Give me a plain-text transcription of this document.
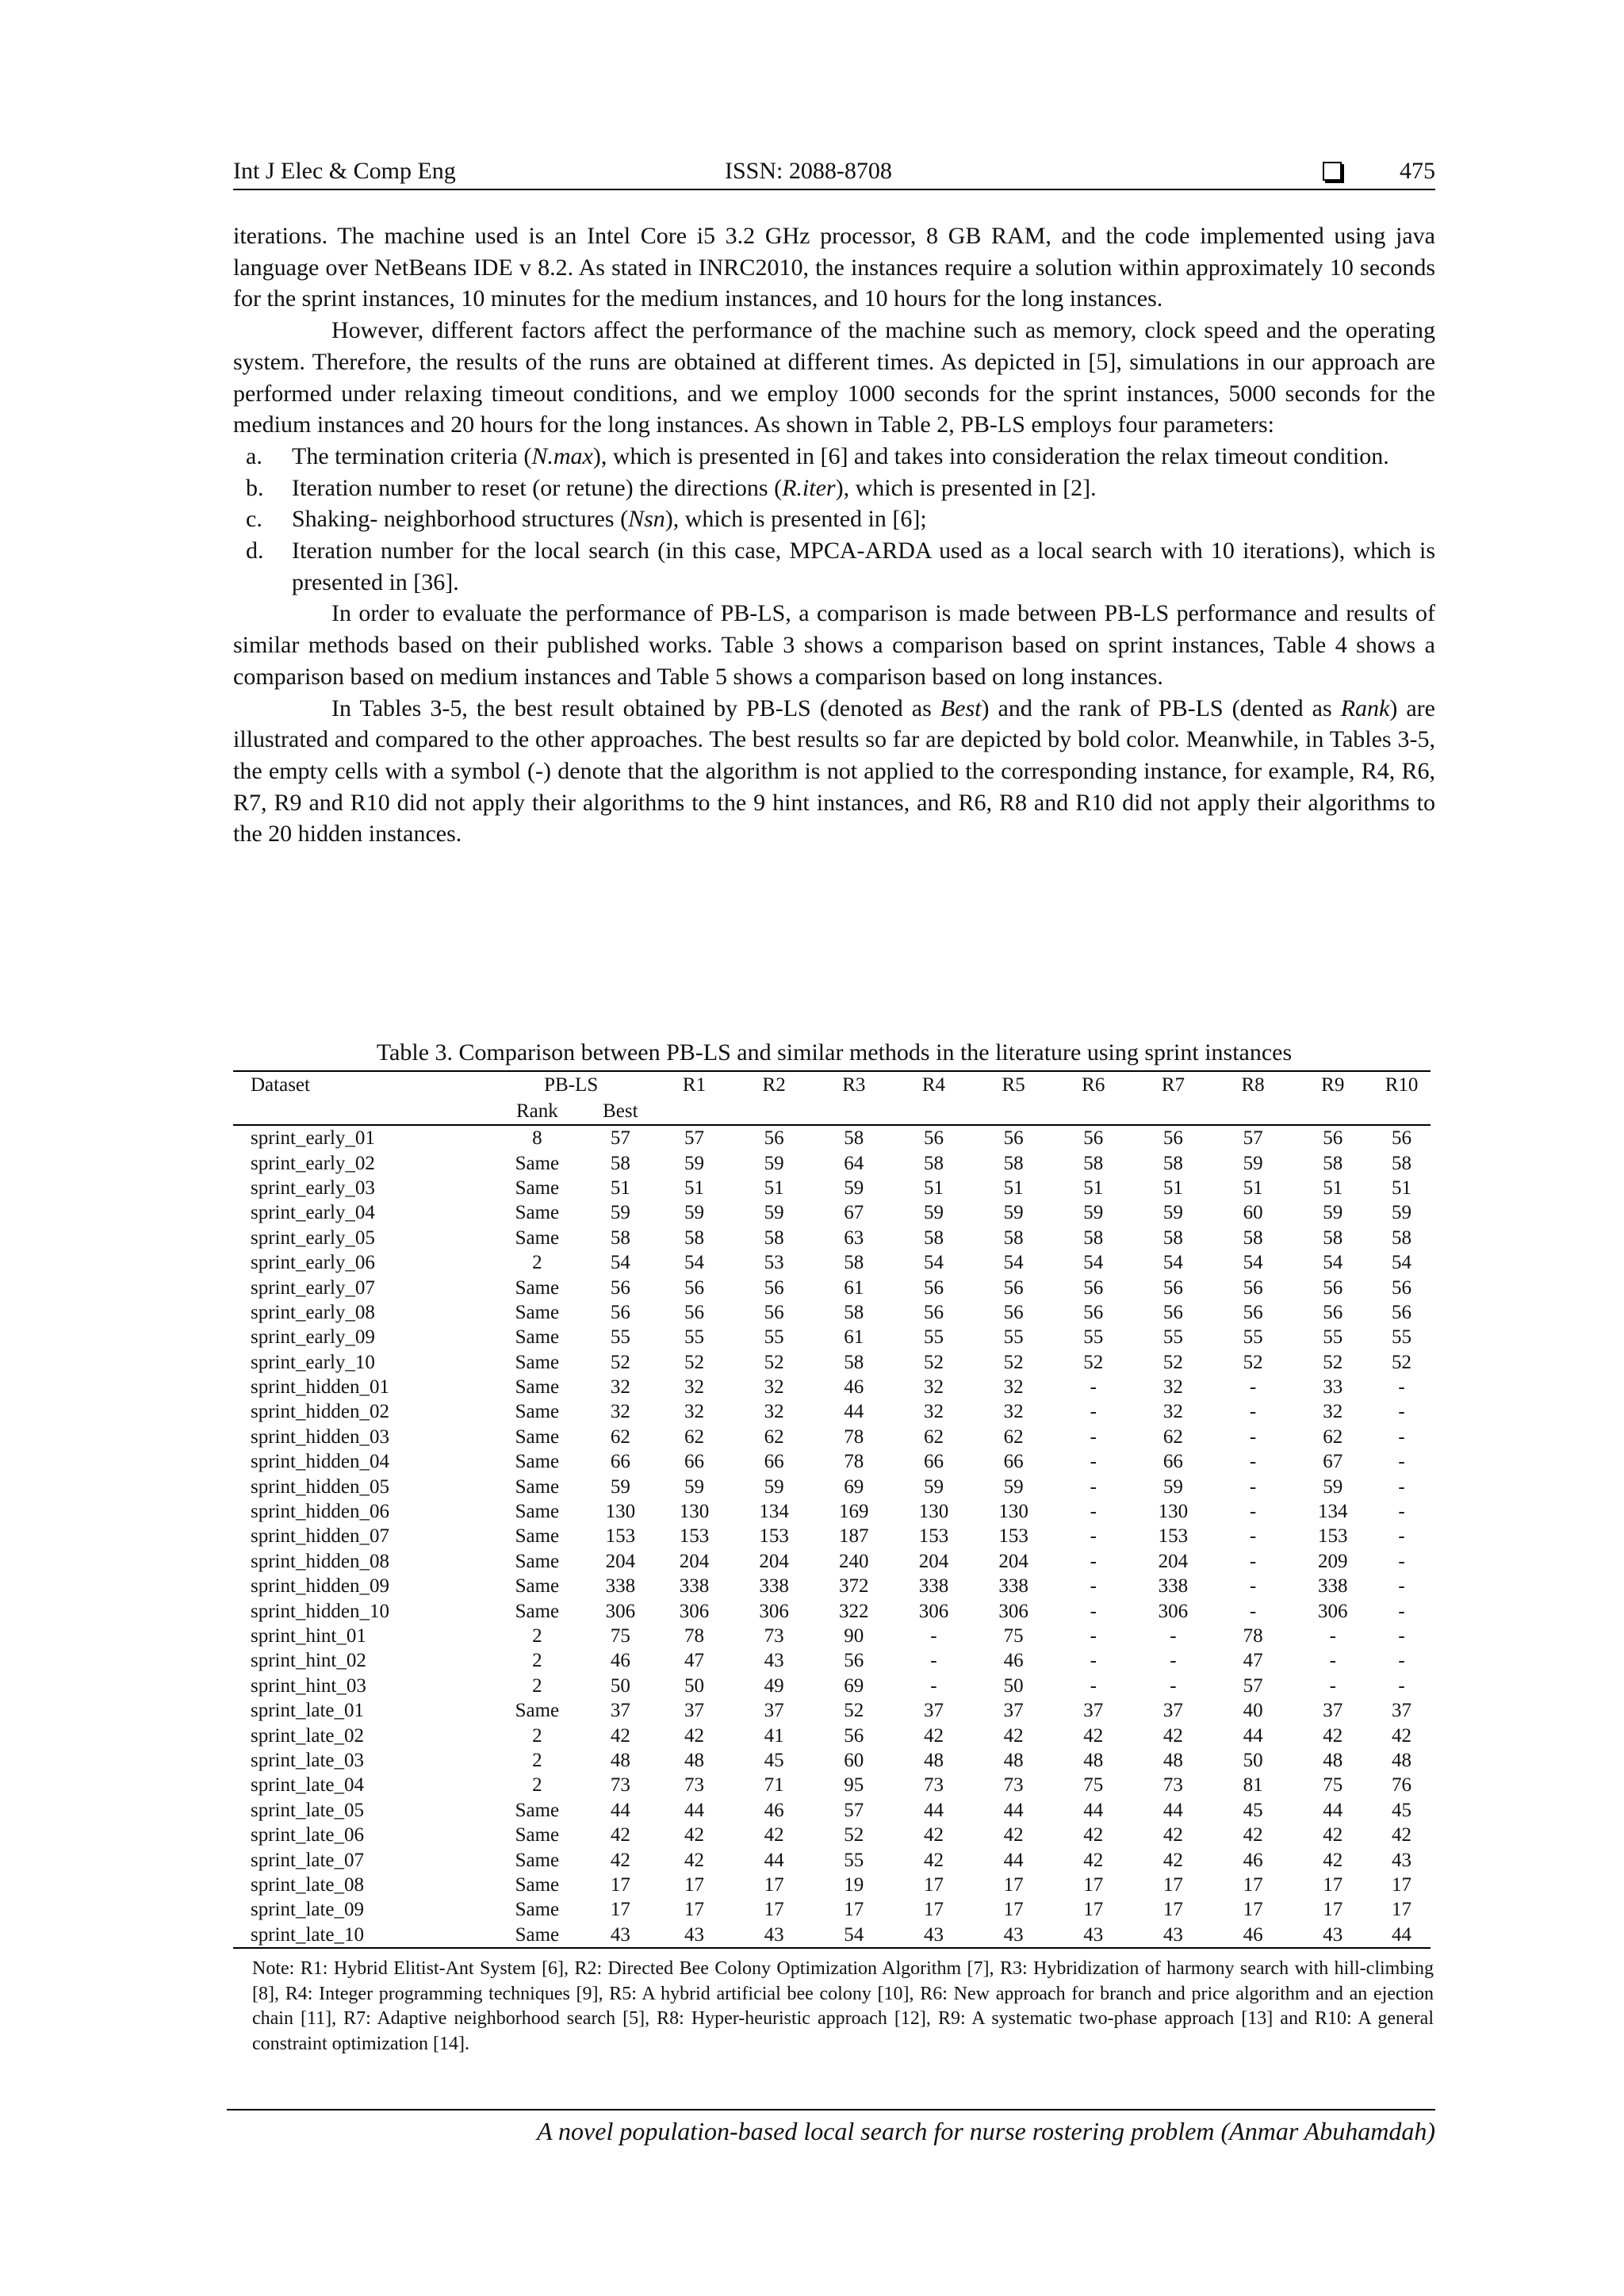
Int J Elec & Comp Eng	ISSN: 2088-8708	475

iterations. The machine used is an Intel Core i5 3.2 GHz processor, 8 GB RAM, and the code implemented using java language over NetBeans IDE v 8.2. As stated in INRC2010, the instances require a solution within approximately 10 seconds for the sprint instances, 10 minutes for the medium instances, and 10 hours for the long instances.

However, different factors affect the performance of the machine such as memory, clock speed and the operating system. Therefore, the results of the runs are obtained at different times. As depicted in [5], simulations in our approach are performed under relaxing timeout conditions, and we employ 1000 seconds for the sprint instances, 5000 seconds for the medium instances and 20 hours for the long instances. As shown in Table 2, PB-LS employs four parameters:

a. The termination criteria (N.max), which is presented in [6] and takes into consideration the relax timeout condition.

b. Iteration number to reset (or retune) the directions (R.iter), which is presented in [2].

c. Shaking- neighborhood structures (Nsn), which is presented in [6];

d. Iteration number for the local search (in this case, MPCA-ARDA used as a local search with 10 iterations), which is presented in [36].

In order to evaluate the performance of PB-LS, a comparison is made between PB-LS performance and results of similar methods based on their published works. Table 3 shows a comparison based on sprint instances, Table 4 shows a comparison based on medium instances and Table 5 shows a comparison based on long instances.

In Tables 3-5, the best result obtained by PB-LS (denoted as Best) and the rank of PB-LS (dented as Rank) are illustrated and compared to the other approaches. The best results so far are depicted by bold color. Meanwhile, in Tables 3-5, the empty cells with a symbol (-) denote that the algorithm is not applied to the corresponding instance, for example, R4, R6, R7, R9 and R10 did not apply their algorithms to the 9 hint instances, and R6, R8 and R10 did not apply their algorithms to the 20 hidden instances.

Table 3. Comparison between PB-LS and similar methods in the literature using sprint instances
Dataset	PB-LS		R1	R2	R3	R4	R5	R6	R7	R8	R9	R10
	Rank	Best										
sprint_early_01	8	57	57	56	58	56	56	56	56	57	56	56
sprint_early_02	Same	58	59	59	64	58	58	58	58	59	58	58
sprint_early_03	Same	51	51	51	59	51	51	51	51	51	51	51
sprint_early_04	Same	59	59	59	67	59	59	59	59	60	59	59
sprint_early_05	Same	58	58	58	63	58	58	58	58	58	58	58
sprint_early_06	2	54	54	53	58	54	54	54	54	54	54	54
sprint_early_07	Same	56	56	56	61	56	56	56	56	56	56	56
sprint_early_08	Same	56	56	56	58	56	56	56	56	56	56	56
sprint_early_09	Same	55	55	55	61	55	55	55	55	55	55	55
sprint_early_10	Same	52	52	52	58	52	52	52	52	52	52	52
sprint_hidden_01	Same	32	32	32	46	32	32	-	32	-	33	-
sprint_hidden_02	Same	32	32	32	44	32	32	-	32	-	32	-
sprint_hidden_03	Same	62	62	62	78	62	62	-	62	-	62	-
sprint_hidden_04	Same	66	66	66	78	66	66	-	66	-	67	-
sprint_hidden_05	Same	59	59	59	69	59	59	-	59	-	59	-
sprint_hidden_06	Same	130	130	134	169	130	130	-	130	-	134	-
sprint_hidden_07	Same	153	153	153	187	153	153	-	153	-	153	-
sprint_hidden_08	Same	204	204	204	240	204	204	-	204	-	209	-
sprint_hidden_09	Same	338	338	338	372	338	338	-	338	-	338	-
sprint_hidden_10	Same	306	306	306	322	306	306	-	306	-	306	-
sprint_hint_01	2	75	78	73	90	-	75	-	-	78	-	-
sprint_hint_02	2	46	47	43	56	-	46	-	-	47	-	-
sprint_hint_03	2	50	50	49	69	-	50	-	-	57	-	-
sprint_late_01	Same	37	37	37	52	37	37	37	37	40	37	37
sprint_late_02	2	42	42	41	56	42	42	42	42	44	42	42
sprint_late_03	2	48	48	45	60	48	48	48	48	50	48	48
sprint_late_04	2	73	73	71	95	73	73	75	73	81	75	76
sprint_late_05	Same	44	44	46	57	44	44	44	44	45	44	45
sprint_late_06	Same	42	42	42	52	42	42	42	42	42	42	42
sprint_late_07	Same	42	42	44	55	42	44	42	42	46	42	43
sprint_late_08	Same	17	17	17	19	17	17	17	17	17	17	17
sprint_late_09	Same	17	17	17	17	17	17	17	17	17	17	17
sprint_late_10	Same	43	43	43	54	43	43	43	43	46	43	44
Note: R1: Hybrid Elitist-Ant System [6], R2: Directed Bee Colony Optimization Algorithm [7], R3: Hybridization of harmony search with hill-climbing [8], R4: Integer programming techniques [9], R5: A hybrid artificial bee colony [10], R6: New approach for branch and price algorithm and an ejection chain [11], R7: Adaptive neighborhood search [5], R8: Hyper-heuristic approach [12], R9: A systematic two-phase approach [13] and R10: A general constraint optimization [14].
A novel population-based local search for nurse rostering problem (Anmar Abuhamdah)
